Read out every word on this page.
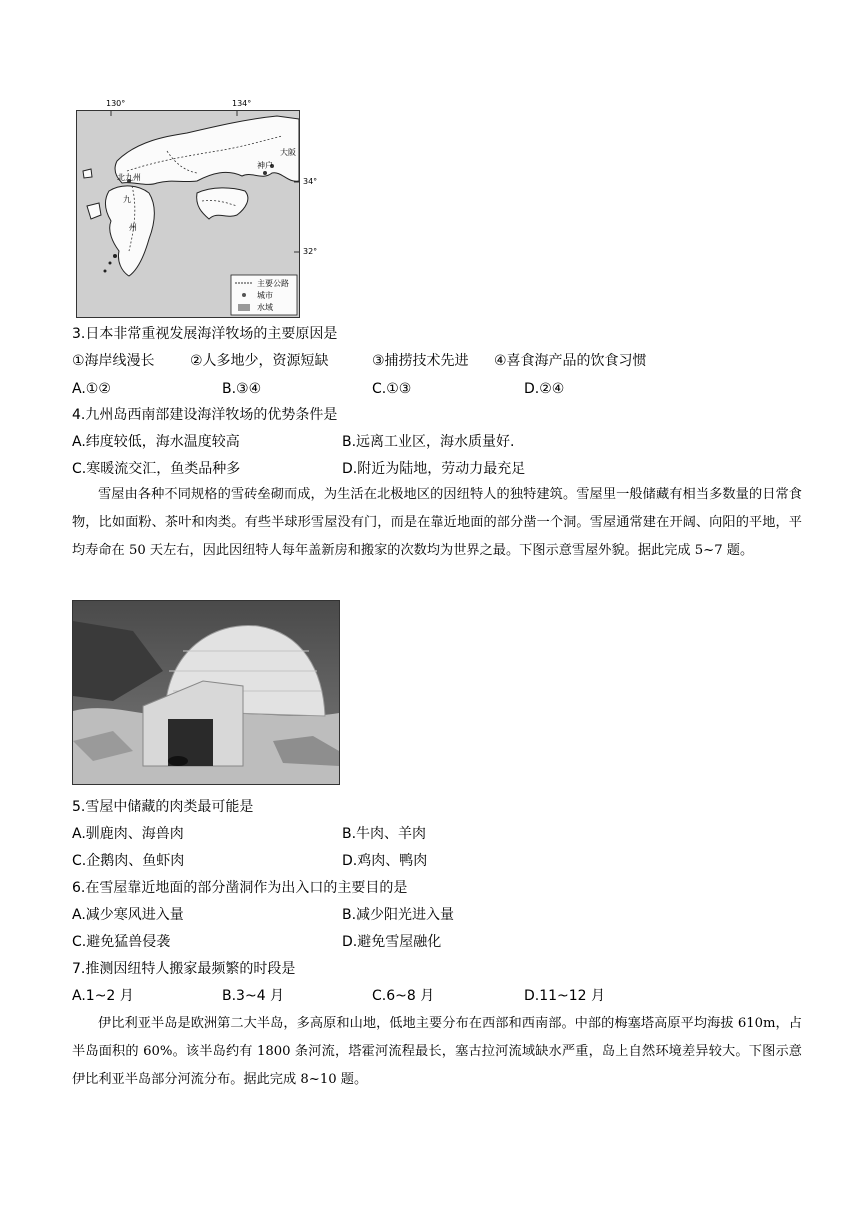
130°	134°
34°
32°
北九州
九
州
大阪
神户
主要公路
城市
水域
3.日本非常重视发展海洋牧场的主要原因是
①海岸线漫长	②人多地少，资源短缺	③捕捞技术先进 ④喜食海产品的饮食习惯
A.①②	B.③④	C.①③	D.②④
4.九州岛西南部建设海洋牧场的优势条件是
A.纬度较低，海水温度较高	B.远离工业区，海水质量好.
C.寒暖流交汇，鱼类品种多	D.附近为陆地，劳动力最充足
雪屋由各种不同规格的雪砖垒砌而成，为生活在北极地区的因纽特人的独特建筑。雪屋里一般储藏有相当多数量的日常食物，比如面粉、茶叶和肉类。有些半球形雪屋没有门，而是在靠近地面的部分凿一个洞。雪屋通常建在开阔、向阳的平地，平均寿命在 50 天左右，因此因纽特人每年盖新房和搬家的次数均为世界之最。下图示意雪屋外貌。据此完成 5~7 题。
5.雪屋中储藏的肉类最可能是
A.驯鹿肉、海兽肉	B.牛肉、羊肉
C.企鹅肉、鱼虾肉	D.鸡肉、鸭肉
6.在雪屋靠近地面的部分凿洞作为出入口的主要目的是
A.减少寒风进入量	B.减少阳光进入量
C.避免猛兽侵袭	D.避免雪屋融化
7.推测因纽特人搬家最频繁的时段是
A.1~2 月	B.3~4 月	C.6~8 月	D.11~12 月
伊比利亚半岛是欧洲第二大半岛，多高原和山地，低地主要分布在西部和西南部。中部的梅塞塔高原平均海拔 610m，占半岛面积的 60%。该半岛约有 1800 条河流，塔霍河流程最长，塞古拉河流域缺水严重，岛上自然环境差异较大。下图示意伊比利亚半岛部分河流分布。据此完成 8~10 题。
